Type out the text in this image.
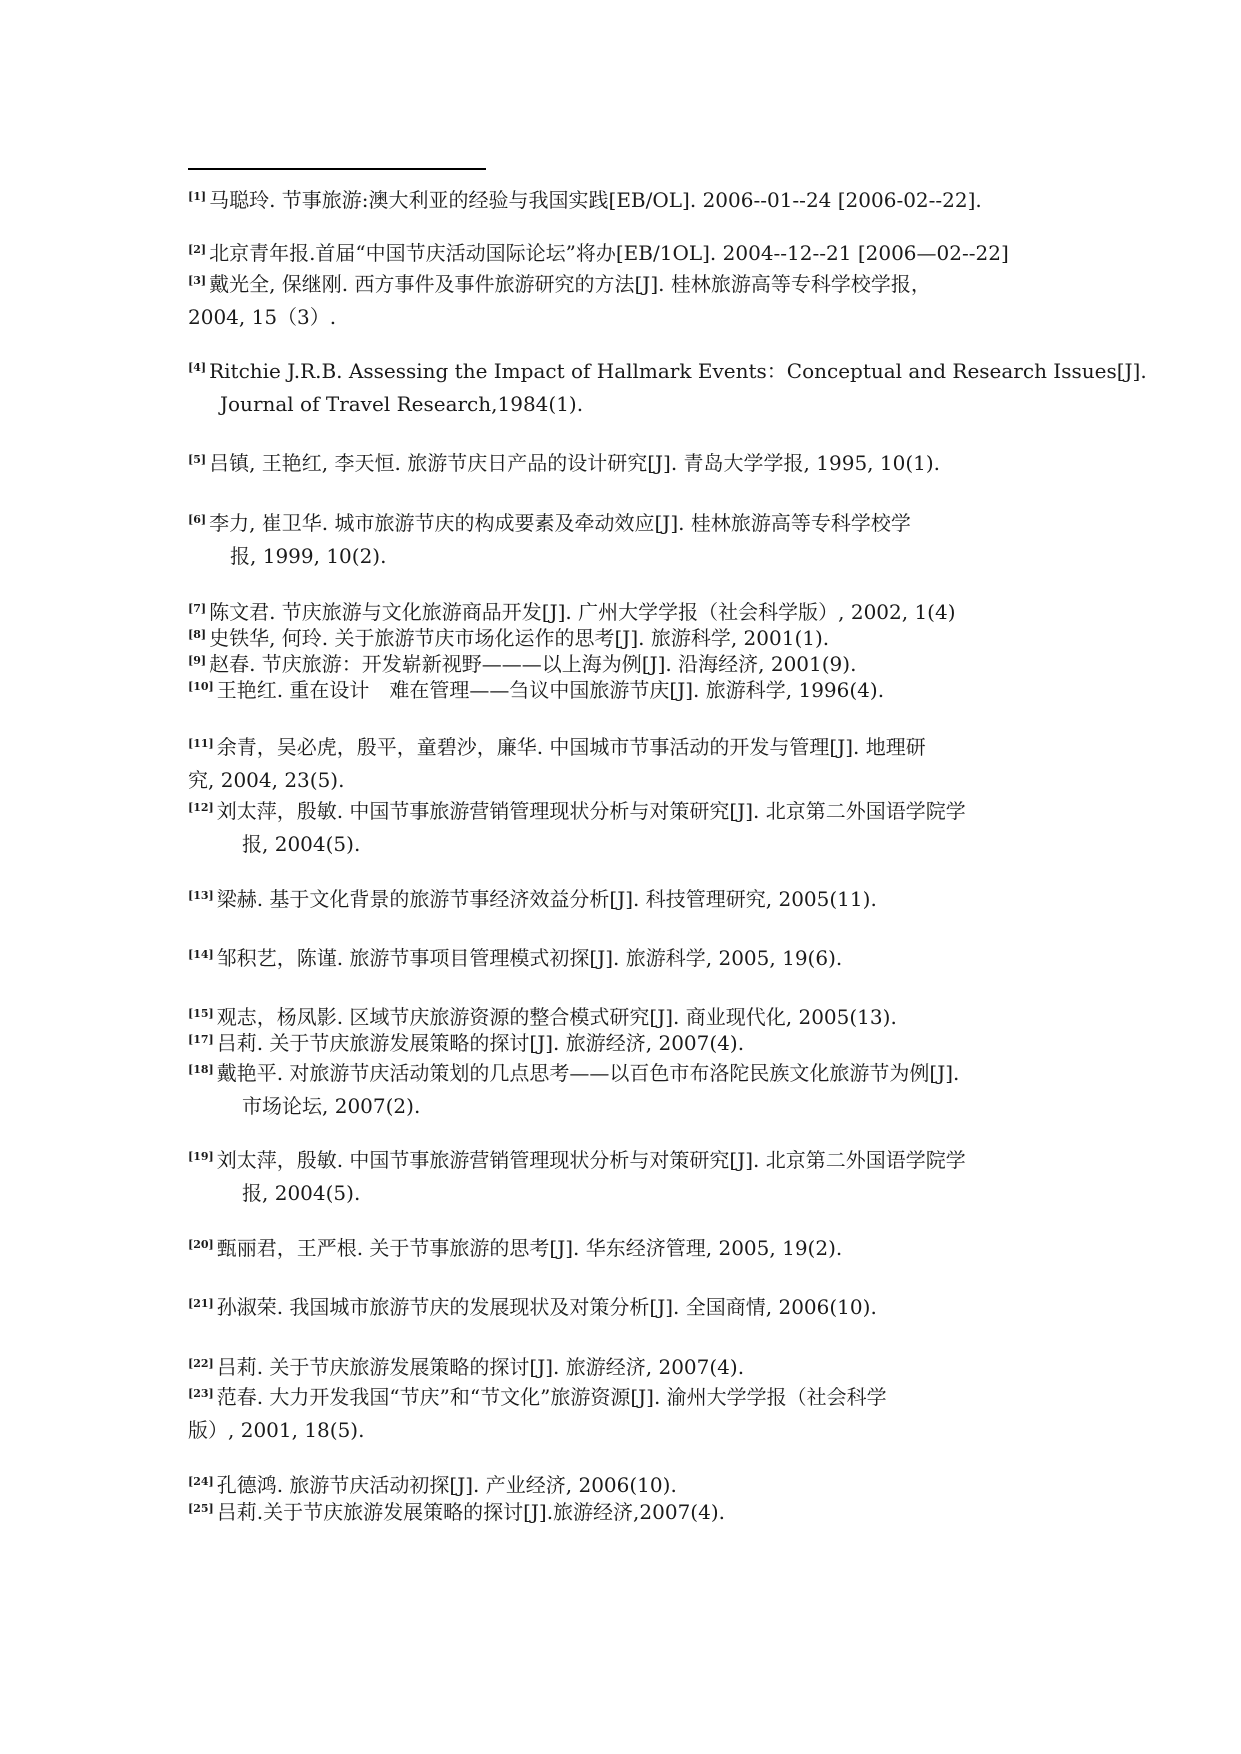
[1] 马聪玲. 节事旅游:澳大利亚的经验与我国实践[EB/OL]. 2006--01--24 [2006-02--22].
[2] 北京青年报.首届“中国节庆活动国际论坛”将办[EB/1OL]. 2004--12--21 [2006—02--22]
[3] 戴光全, 保继刚. 西方事件及事件旅游研究的方法[J]. 桂林旅游高等专科学校学报，
2004, 15（3）.
[4] Ritchie J.R.B. Assessing the Impact of Hallmark Events：Conceptual and Research Issues[J].
Journal of Travel Research,1984(1).
[5] 吕镇, 王艳红, 李天恒. 旅游节庆日产品的设计研究[J]. 青岛大学学报, 1995, 10(1).
[6] 李力, 崔卫华. 城市旅游节庆的构成要素及牵动效应[J]. 桂林旅游高等专科学校学
报, 1999, 10(2).
[7] 陈文君. 节庆旅游与文化旅游商品开发[J]. 广州大学学报（社会科学版）, 2002, 1(4)
[8] 史铁华, 何玲. 关于旅游节庆市场化运作的思考[J]. 旅游科学, 2001(1).
[9] 赵春. 节庆旅游：开发崭新视野———以上海为例[J]. 沿海经济, 2001(9).
[10] 王艳红. 重在设计　难在管理——刍议中国旅游节庆[J]. 旅游科学, 1996(4).
[11] 余青，吴必虎，殷平，童碧沙，廉华. 中国城市节事活动的开发与管理[J]. 地理研
究, 2004, 23(5).
[12] 刘太萍，殷敏. 中国节事旅游营销管理现状分析与对策研究[J]. 北京第二外国语学院学
报, 2004(5).
[13] 梁赫. 基于文化背景的旅游节事经济效益分析[J]. 科技管理研究, 2005(11).
[14] 邹积艺，陈谨. 旅游节事项目管理模式初探[J]. 旅游科学, 2005, 19(6).
[15] 观志，杨凤影. 区域节庆旅游资源的整合模式研究[J]. 商业现代化, 2005(13).
[17] 吕莉. 关于节庆旅游发展策略的探讨[J]. 旅游经济, 2007(4).
[18] 戴艳平. 对旅游节庆活动策划的几点思考——以百色市布洛陀民族文化旅游节为例[J].
市场论坛, 2007(2).
[19] 刘太萍，殷敏. 中国节事旅游营销管理现状分析与对策研究[J]. 北京第二外国语学院学
报, 2004(5).
[20] 甄丽君，王严根. 关于节事旅游的思考[J]. 华东经济管理, 2005, 19(2).
[21] 孙淑荣. 我国城市旅游节庆的发展现状及对策分析[J]. 全国商情, 2006(10).
[22] 吕莉. 关于节庆旅游发展策略的探讨[J]. 旅游经济, 2007(4).
[23] 范春. 大力开发我国“节庆”和“节文化”旅游资源[J]. 渝州大学学报（社会科学
版）, 2001, 18(5).
[24] 孔德鸿. 旅游节庆活动初探[J]. 产业经济, 2006(10).
[25] 吕莉.关于节庆旅游发展策略的探讨[J].旅游经济,2007(4).
